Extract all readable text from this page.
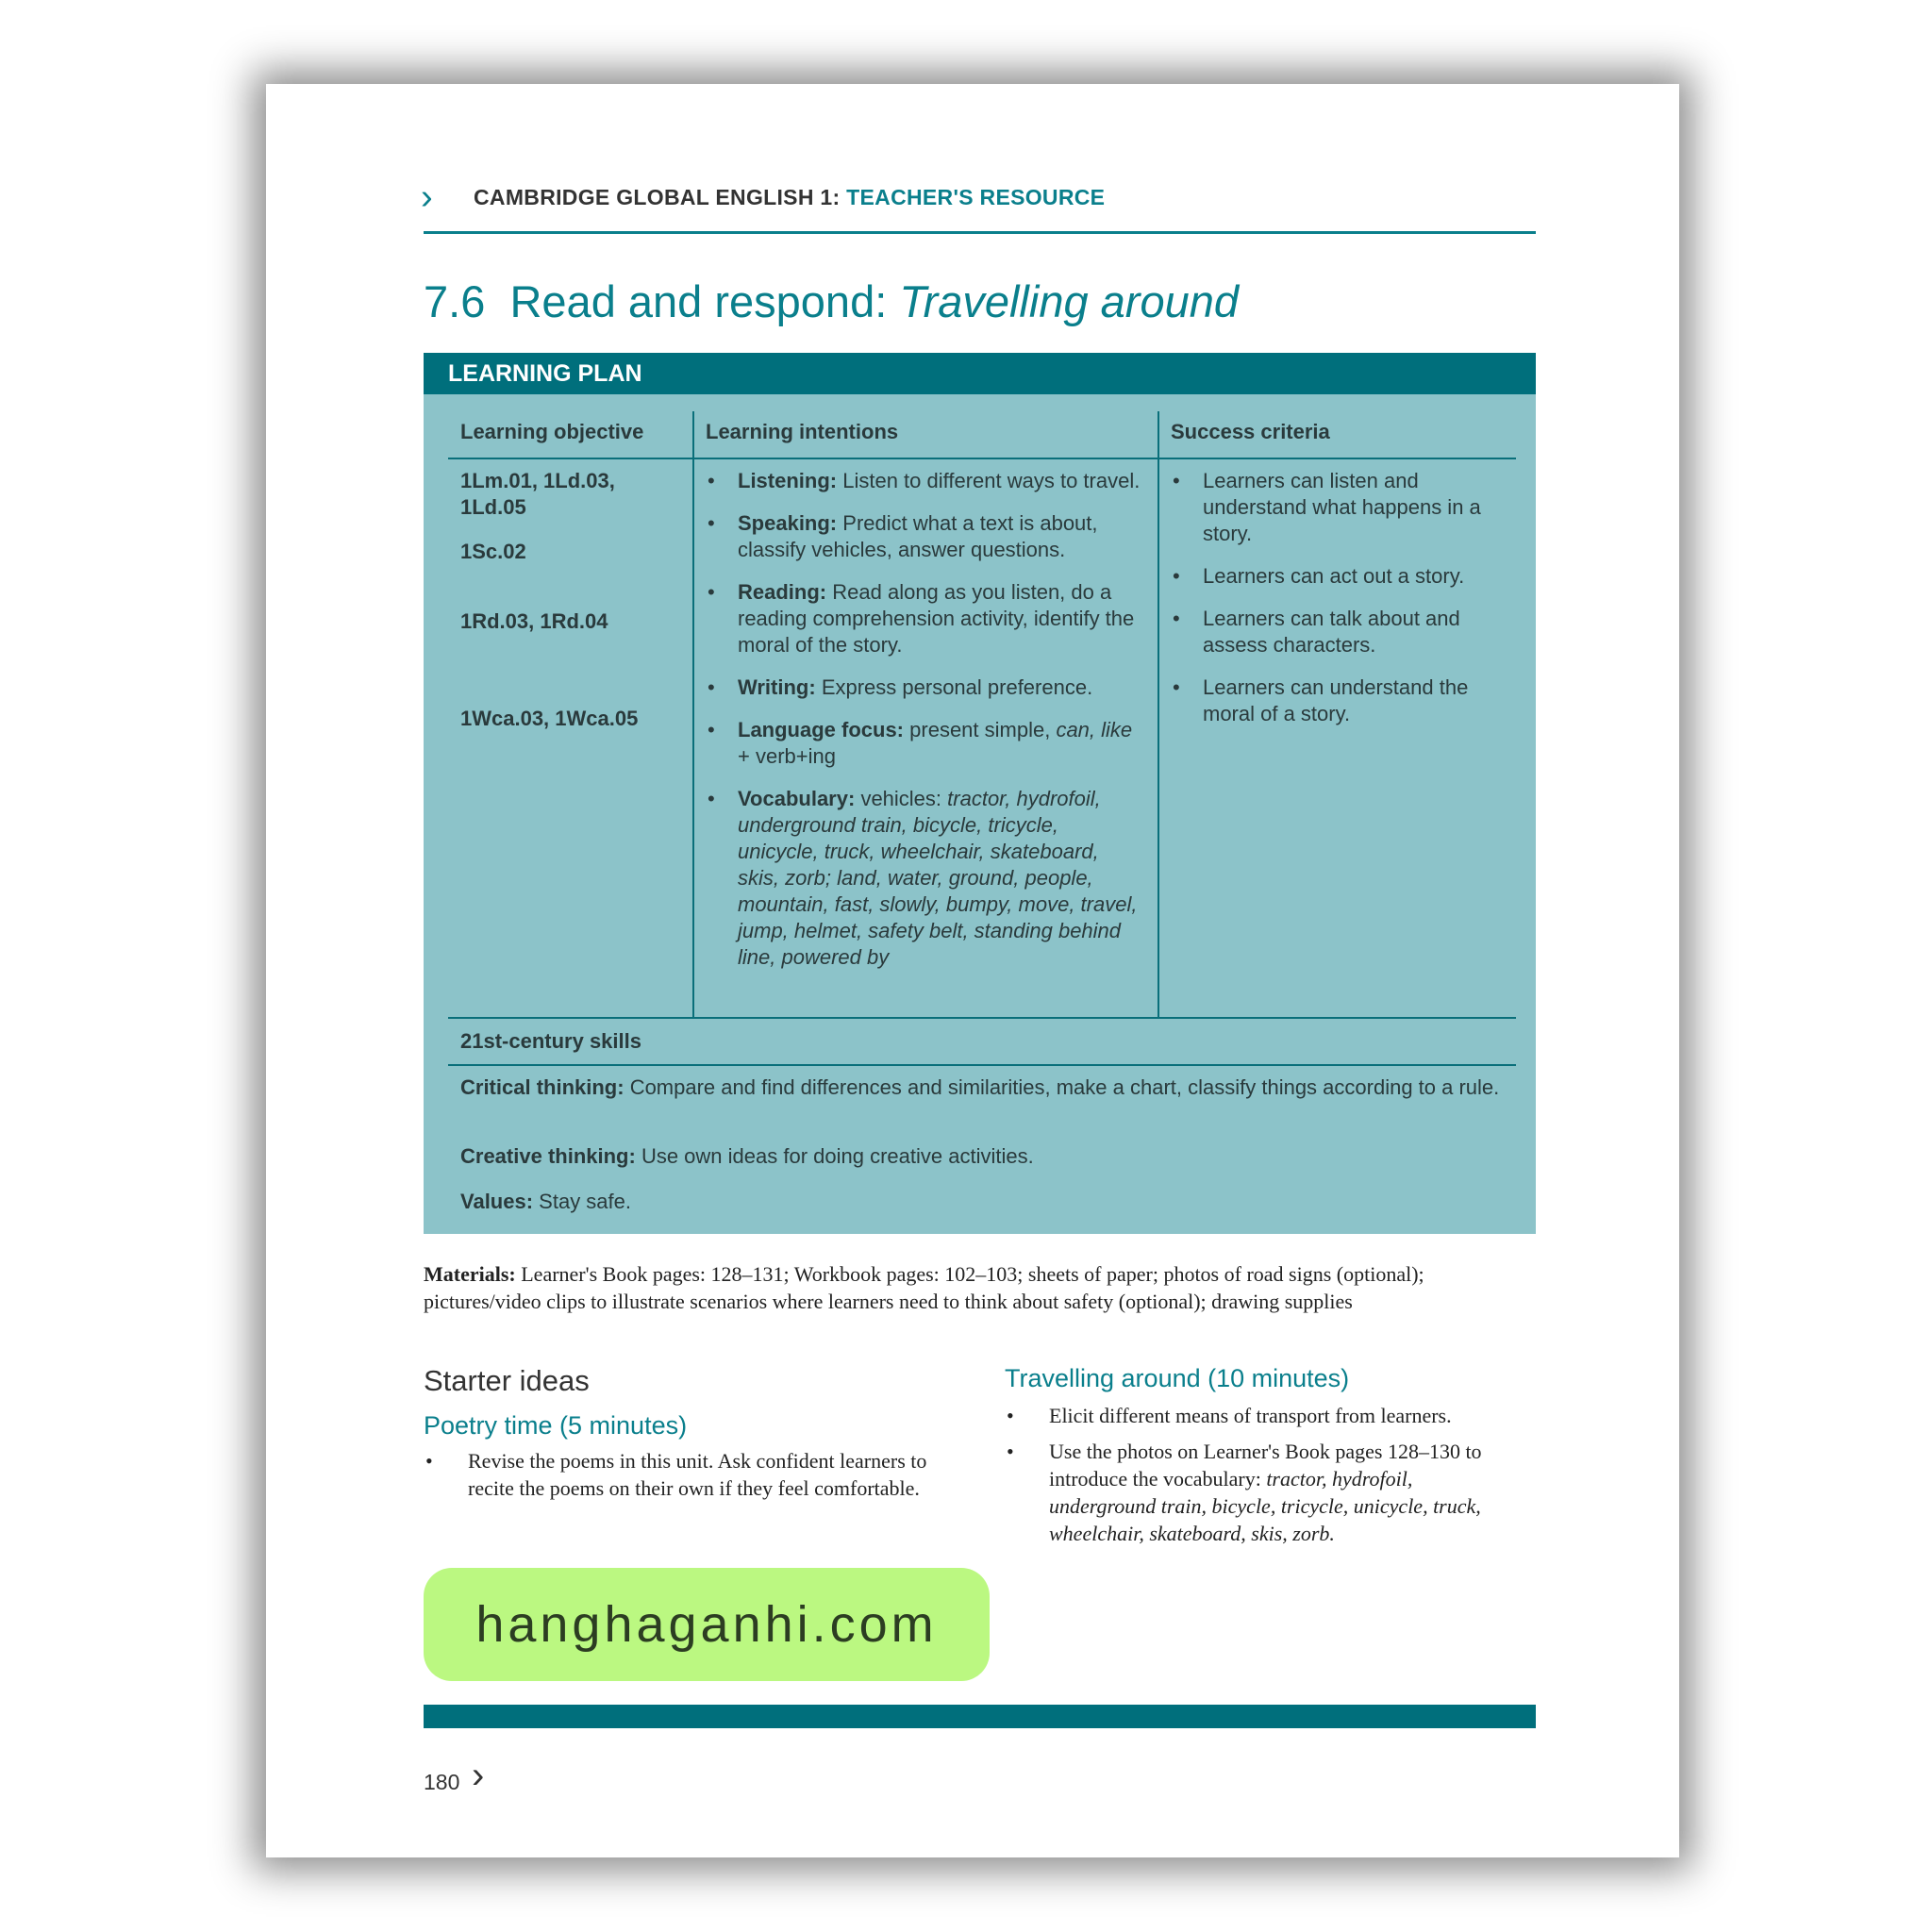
› CAMBRIDGE GLOBAL ENGLISH 1: TEACHER'S RESOURCE
7.6 Read and respond: Travelling around
LEARNING PLAN
Learning objective	Learning intentions	Success criteria
1Lm.01, 1Ld.03, 1Ld.05
1Sc.02
1Rd.03, 1Rd.04
1Wca.03, 1Wca.05
• Listening: Listen to different ways to travel.
• Speaking: Predict what a text is about, classify vehicles, answer questions.
• Reading: Read along as you listen, do a reading comprehension activity, identify the moral of the story.
• Writing: Express personal preference.
• Language focus: present simple, can, like + verb+ing
• Vocabulary: vehicles: tractor, hydrofoil, underground train, bicycle, tricycle, unicycle, truck, wheelchair, skateboard, skis, zorb; land, water, ground, people, mountain, fast, slowly, bumpy, move, travel, jump, helmet, safety belt, standing behind line, powered by
• Learners can listen and understand what happens in a story.
• Learners can act out a story.
• Learners can talk about and assess characters.
• Learners can understand the moral of a story.
21st-century skills
Critical thinking: Compare and find differences and similarities, make a chart, classify things according to a rule.
Creative thinking: Use own ideas for doing creative activities.
Values: Stay safe.
Materials: Learner's Book pages: 128–131; Workbook pages: 102–103; sheets of paper; photos of road signs (optional); pictures/video clips to illustrate scenarios where learners need to think about safety (optional); drawing supplies
Starter ideas
Poetry time (5 minutes)
• Revise the poems in this unit. Ask confident learners to recite the poems on their own if they feel comfortable.
Travelling around (10 minutes)
• Elicit different means of transport from learners.
• Use the photos on Learner's Book pages 128–130 to introduce the vocabulary: tractor, hydrofoil, underground train, bicycle, tricycle, unicycle, truck, wheelchair, skateboard, skis, zorb.
hanghaganhi.com
180 ›
